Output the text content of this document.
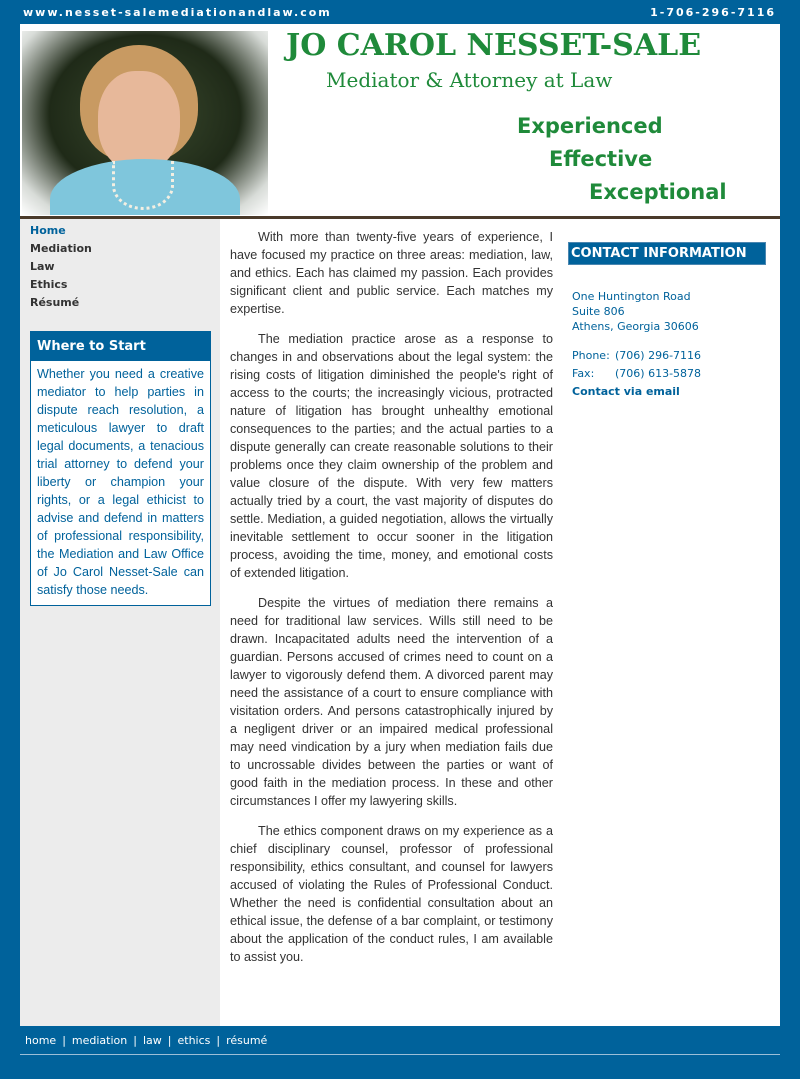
www.nesset-salemediationandlaw.com	1-706-296-7116
JO CAROL NESSET-SALE
Mediator & Attorney at Law
Experienced
Effective
Exceptional
Home
Mediation
Law
Ethics
Résumé
Where to Start
Whether you need a creative mediator to help parties in dispute reach resolution, a meticulous lawyer to draft legal documents, a tenacious trial attorney to defend your liberty or champion your rights, or a legal ethicist to advise and defend in matters of professional responsibility, the Mediation and Law Office of Jo Carol Nesset-Sale can satisfy those needs.

With more than twenty-five years of experience, I have focused my practice on three areas: mediation, law, and ethics. Each has claimed my passion. Each provides significant client and public service. Each matches my expertise.

The mediation practice arose as a response to changes in and observations about the legal system: the rising costs of litigation diminished the people's right of access to the courts; the increasingly vicious, protracted nature of litigation has brought unhealthy emotional consequences to the parties; and the actual parties to a dispute generally can create reasonable solutions to their problems once they claim ownership of the problem and value closure of the dispute. With very few matters actually tried by a court, the vast majority of disputes do settle. Mediation, a guided negotiation, allows the virtually inevitable settlement to occur sooner in the litigation process, avoiding the time, money, and emotional costs of extended litigation.

Despite the virtues of mediation there remains a need for traditional law services. Wills still need to be drawn. Incapacitated adults need the intervention of a guardian. Persons accused of crimes need to count on a lawyer to vigorously defend them. A divorced parent may need the assistance of a court to ensure compliance with visitation orders. And persons catastrophically injured by a negligent driver or an impaired medical professional may need vindication by a jury when mediation fails due to uncrossable divides between the parties or want of good faith in the mediation process. In these and other circumstances I offer my lawyering skills.

The ethics component draws on my experience as a chief disciplinary counsel, professor of professional responsibility, ethics consultant, and counsel for lawyers accused of violating the Rules of Professional Conduct. Whether the need is confidential consultation about an ethical issue, the defense of a bar complaint, or testimony about the application of the conduct rules, I am available to assist you.

CONTACT INFORMATION
One Huntington Road
Suite 806
Athens, Georgia 30606
Phone: (706) 296-7116
Fax:	(706) 613-5878
Contact via email
home | mediation | law | ethics | résumé
